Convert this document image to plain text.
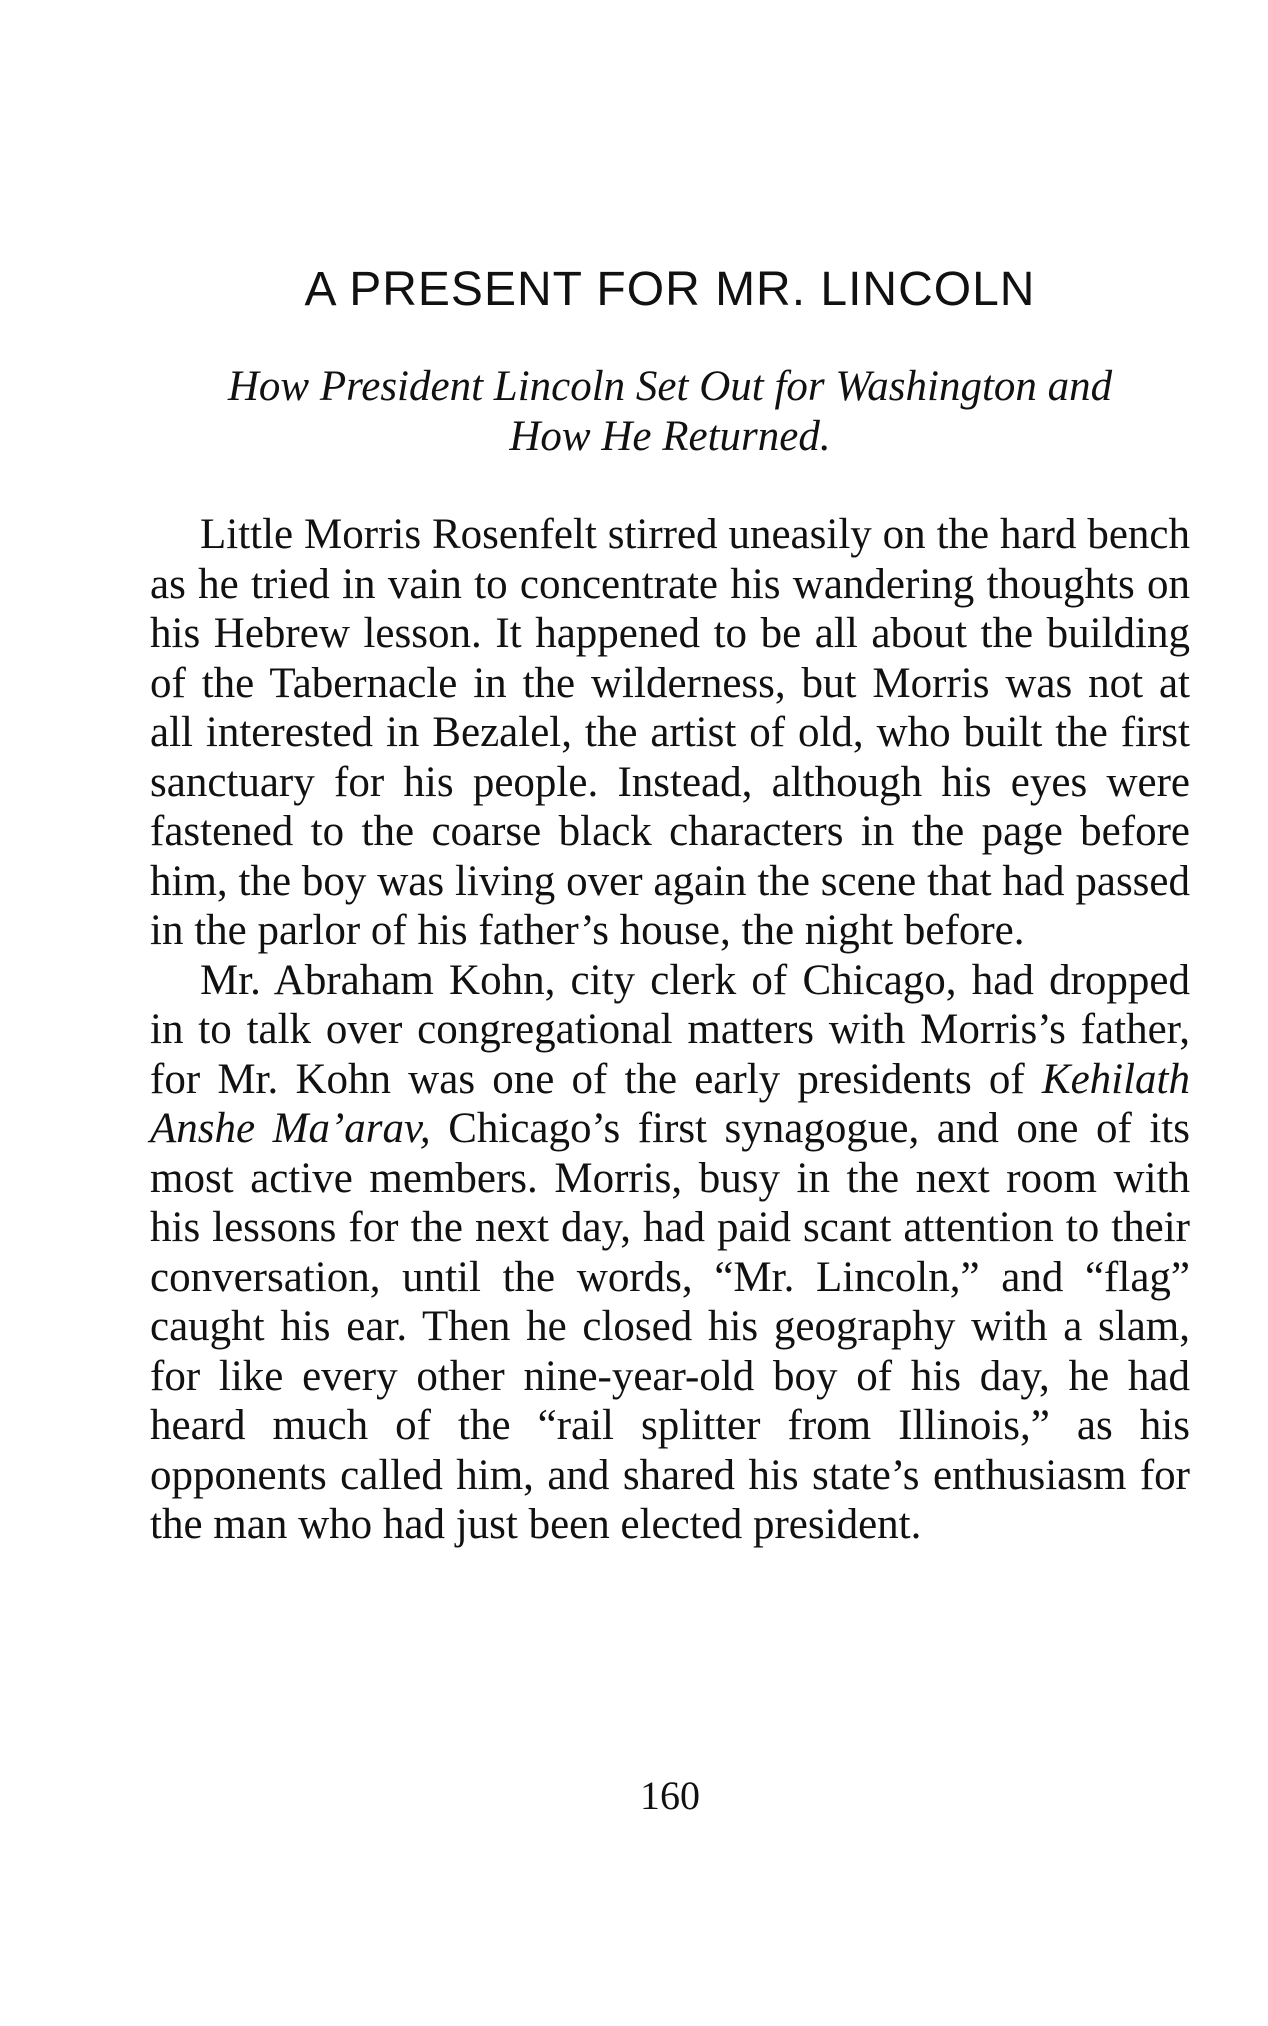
A PRESENT FOR MR. LINCOLN
How President Lincoln Set Out for Washington and
How He Returned.

Little Morris Rosenfelt stirred uneasily on the hard bench as he tried in vain to concentrate his wandering thoughts on his Hebrew lesson. It happened to be all about the building of the Tabernacle in the wilderness, but Morris was not at all interested in Bezalel, the artist of old, who built the first sanctuary for his people. Instead, although his eyes were fastened to the coarse black characters in the page before him, the boy was living over again the scene that had passed in the parlor of his father’s house, the night before.

Mr. Abraham Kohn, city clerk of Chicago, had dropped in to talk over congregational matters with Morris’s father, for Mr. Kohn was one of the early presidents of Kehilath Anshe Ma’arav, Chicago’s first synagogue, and one of its most active members. Morris, busy in the next room with his lessons for the next day, had paid scant attention to their conversation, until the words, “Mr. Lincoln,” and “flag” caught his ear. Then he closed his geography with a slam, for like every other nine-year-old boy of his day, he had heard much of the “rail splitter from Illinois,” as his opponents called him, and shared his state’s enthusiasm for the man who had just been elected president.

160
